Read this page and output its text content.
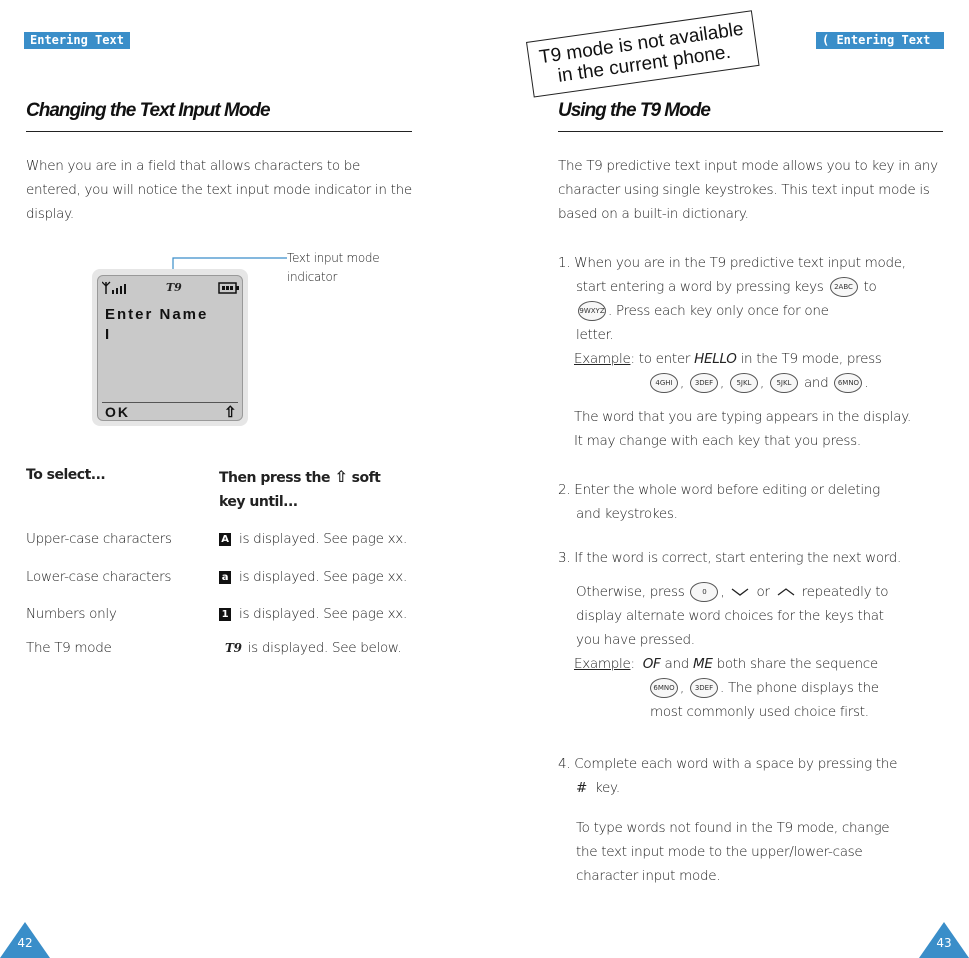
Entering Text
Changing the Text Input Mode
When you are in a field that allows characters to be entered, you will notice the text input mode indicator in the display.
Text input mode indicator
T9
Enter Name
I
OK	⇧
To select...	Then press the ⇧ soft
key until...
Upper-case characters	A is displayed. See page xx.
Lower-case characters	a is displayed. See page xx.
Numbers only	1 is displayed. See page xx.
The T9 mode	T9 is displayed. See below.
42
( Entering Text
T9 mode is not available in the current phone.
Using the T9 Mode
The T9 predictive text input mode allows you to key in any character using single keystrokes. This text input mode is based on a built-in dictionary.
1. When you are in the T9 predictive text input mode,
start entering a word by pressing keys 2ABC to
9WXYZ . Press each key only once for one
letter.
Example: to enter HELLO in the T9 mode, press
4GHI , 3DEF , 5JKL , 5JKL and 6MNO .
The word that you are typing appears in the display.
It may change with each key that you press.
2. Enter the whole word before editing or deleting
and keystrokes.
3. If the word is correct, start entering the next word.
Otherwise, press	0 ,  or repeatedly to
display alternate word choices for the keys that
you have pressed.
Example:  OF and ME both share the sequence
6MNO , 3DEF . The phone displays the
most commonly used choice first.
4. Complete each word with a space by pressing the
# key.
To type words not found in the T9 mode, change
the text input mode to the upper/lower-case
character input mode.
43
